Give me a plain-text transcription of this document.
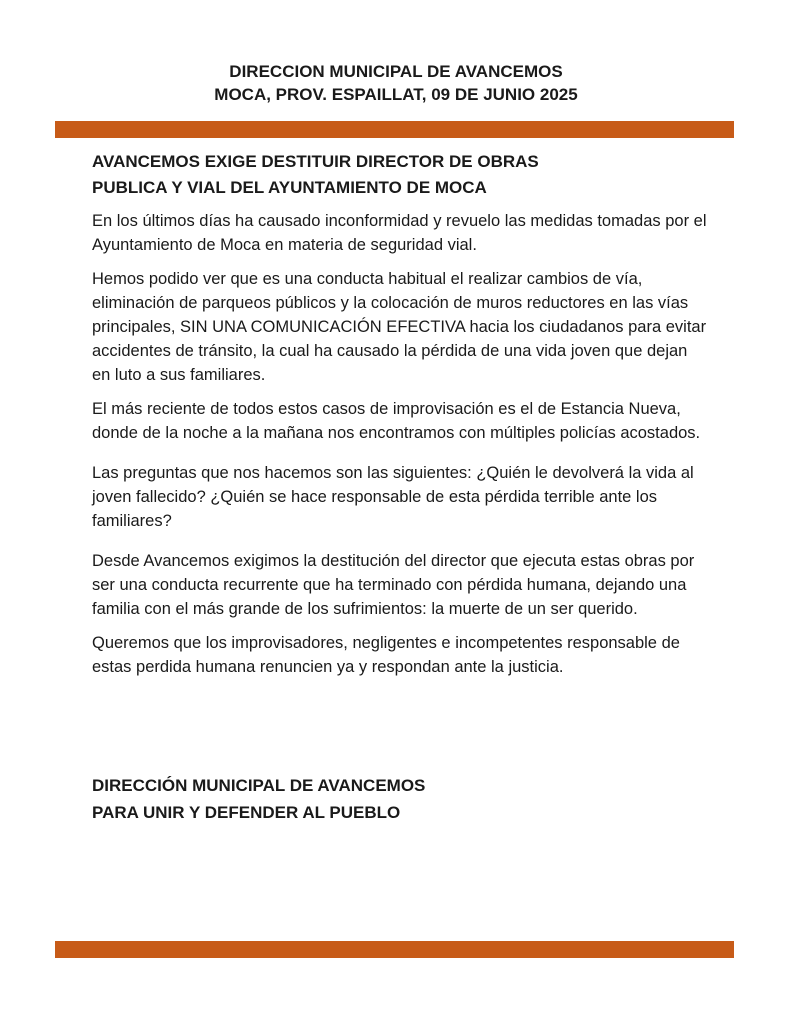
DIRECCION MUNICIPAL DE AVANCEMOS
MOCA, PROV. ESPAILLAT, 09 DE JUNIO 2025
AVANCEMOS EXIGE DESTITUIR DIRECTOR DE OBRAS
PUBLICA Y VIAL DEL AYUNTAMIENTO DE MOCA

En los últimos días ha causado inconformidad y revuelo las medidas tomadas por el Ayuntamiento de Moca en materia de seguridad vial.

Hemos podido ver que es una conducta habitual el realizar cambios de vía, eliminación de parqueos públicos y la colocación de muros reductores en las vías principales, SIN UNA COMUNICACIÓN EFECTIVA hacia los ciudadanos para evitar accidentes de tránsito, la cual ha causado la pérdida de una vida joven que dejan en luto a sus familiares.

El más reciente de todos estos casos de improvisación es el de Estancia Nueva, donde de la noche a la mañana nos encontramos con múltiples policías acostados.

Las preguntas que nos hacemos son las siguientes: ¿Quién le devolverá la vida al joven fallecido? ¿Quién se hace responsable de esta pérdida terrible ante los familiares?

Desde Avancemos exigimos la destitución del director que ejecuta estas obras por ser una conducta recurrente que ha terminado con pérdida humana, dejando una familia con el más grande de los sufrimientos: la muerte de un ser querido.

Queremos que los improvisadores, negligentes e incompetentes responsable de estas perdida humana renuncien ya y respondan ante la justicia.

DIRECCIÓN MUNICIPAL DE AVANCEMOS
PARA UNIR Y DEFENDER AL PUEBLO
